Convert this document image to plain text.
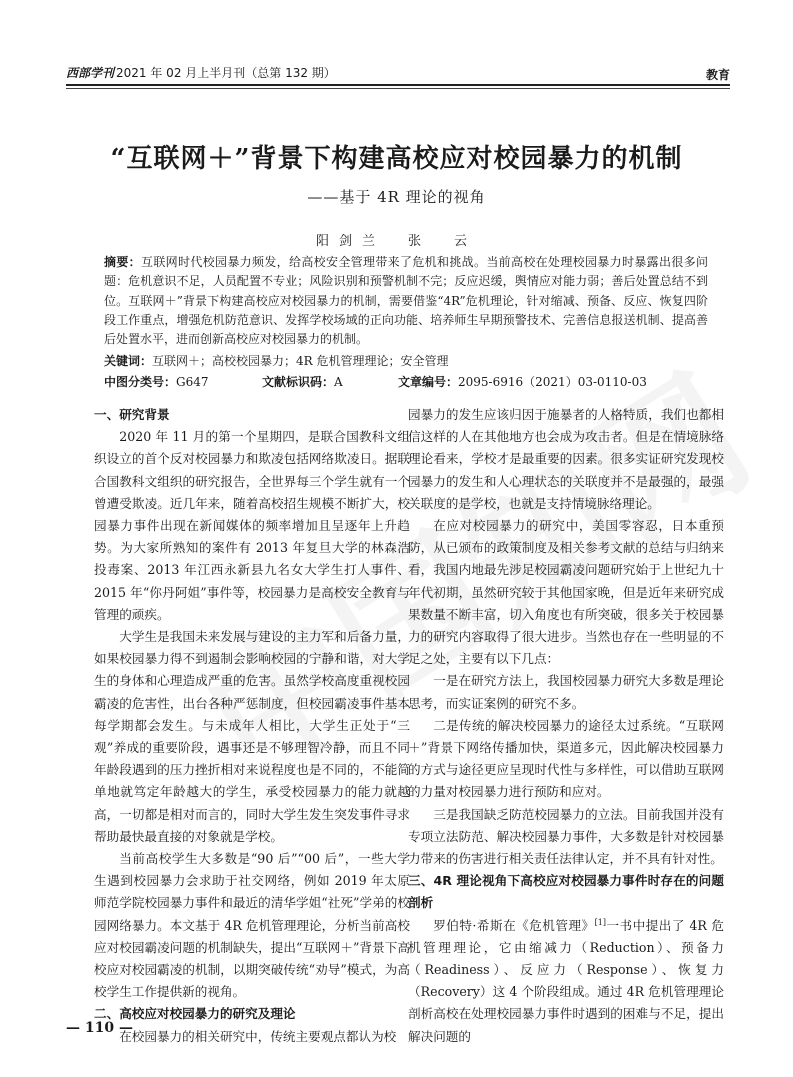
西部学刊 2021 年 02 月上半月刊（总第 132 期）	教育
“互联网＋”背景下构建高校应对校园暴力的机制
——基于 4R 理论的视角
阳剑兰　张　云
摘要：互联网时代校园暴力频发，给高校安全管理带来了危机和挑战。当前高校在处理校园暴力时暴露出很多问题：危机意识不足，人员配置不专业；风险识别和预警机制不完；反应迟缓，舆情应对能力弱；善后处置总结不到位。互联网＋”背景下构建高校应对校园暴力的机制，需要借鉴“4R”危机理论，针对缩减、预备、反应、恢复四阶段工作重点，增强危机防范意识、发挥学校场域的正向功能、培养师生早期预警技术、完善信息报送机制、提高善后处置水平，进而创新高校应对校园暴力的机制。
关键词：互联网＋；高校校园暴力；4R 危机管理理论；安全管理
中图分类号：G647	文献标识码：A	文章编号：2095-6916（2021）03-0110-03

一、研究背景

2020 年 11 月的第一个星期四，是联合国教科文组织设立的首个反对校园暴力和欺凌包括网络欺凌日。据联合国教科文组织的研究报告，全世界每三个学生就有一个曾遭受欺凌。近几年来，随着高校招生规模不断扩大，校园暴力事件出现在新闻媒体的频率增加且呈逐年上升趋势。为大家所熟知的案件有 2013 年复旦大学的林森浩投毒案、2013 年江西永新县九名女大学生打人事件、2015 年“你丹阿姐”事件等，校园暴力是高校安全教育与管理的顽疾。

大学生是我国未来发展与建设的主力军和后备力量，如果校园暴力得不到遏制会影响校园的宁静和谐，对大学生的身体和心理造成严重的危害。虽然学校高度重视校园霸凌的危害性，出台各种严惩制度，但校园霸凌事件基本每学期都会发生。与未成年人相比，大学生正处于“三观”养成的重要阶段，遇事还是不够理智冷静，而且不同年龄段遇到的压力挫折相对来说程度也是不同的，不能简单地就笃定年龄越大的学生，承受校园暴力的能力就越高，一切都是相对而言的，同时大学生发生突发事件寻求帮助最快最直接的对象就是学校。

当前高校学生大多数是“90 后”“00 后”，一些大学生遇到校园暴力会求助于社交网络，例如 2019 年太原师范学院校园暴力事件和最近的清华学姐“社死”学弟的校园网络暴力。本文基于 4R 危机管理理论，分析当前高校应对校园霸凌问题的机制缺失，提出“互联网＋”背景下高校应对校园霸凌的机制，以期突破传统“劝导”模式，为高校学生工作提供新的视角。

二、高校应对校园暴力的研究及理论

在校园暴力的相关研究中，传统主要观点都认为校

园暴力的发生应该归因于施暴者的人格特质，我们也都相信这样的人在其他地方也会成为攻击者。但是在情境脉络理论看来，学校才是最重要的因素。很多实证研究发现校园暴力的发生和人心理状态的关联度并不是最强的，最强关联度的是学校，也就是支持情境脉络理论。

在应对校园暴力的研究中，美国零容忍，日本重预防，从已颁布的政策制度及相关参考文献的总结与归纳来看，我国内地最先涉足校园霸凌问题研究始于上世纪九十年代初期，虽然研究较于其他国家晚，但是近年来研究成果数量不断丰富，切入角度也有所突破，很多关于校园暴力的研究内容取得了很大进步。当然也存在一些明显的不足之处，主要有以下几点：

一是在研究方法上，我国校园暴力研究大多数是理论思考，而实证案例的研究不多。

二是传统的解决校园暴力的途径太过系统。“互联网＋”背景下网络传播加快，渠道多元，因此解决校园暴力的方式与途径更应呈现时代性与多样性，可以借助互联网的力量对校园暴力进行预防和应对。

三是我国缺乏防范校园暴力的立法。目前我国并没有专项立法防范、解决校园暴力事件，大多数是针对校园暴力带来的伤害进行相关责任法律认定，并不具有针对性。

三、4R 理论视角下高校应对校园暴力事件时存在的问题剖析

罗伯特·希斯在《危机管理》[1]一书中提出了 4R 危机管理理论，它由缩减力（Reduction）、预备力（Readiness）、反应力（Response）、恢复力（Recovery）这 4 个阶段组成。通过 4R 危机管理理论剖析高校在处理校园暴力事件时遇到的困难与不足，提出解决问题的

— 110 —
